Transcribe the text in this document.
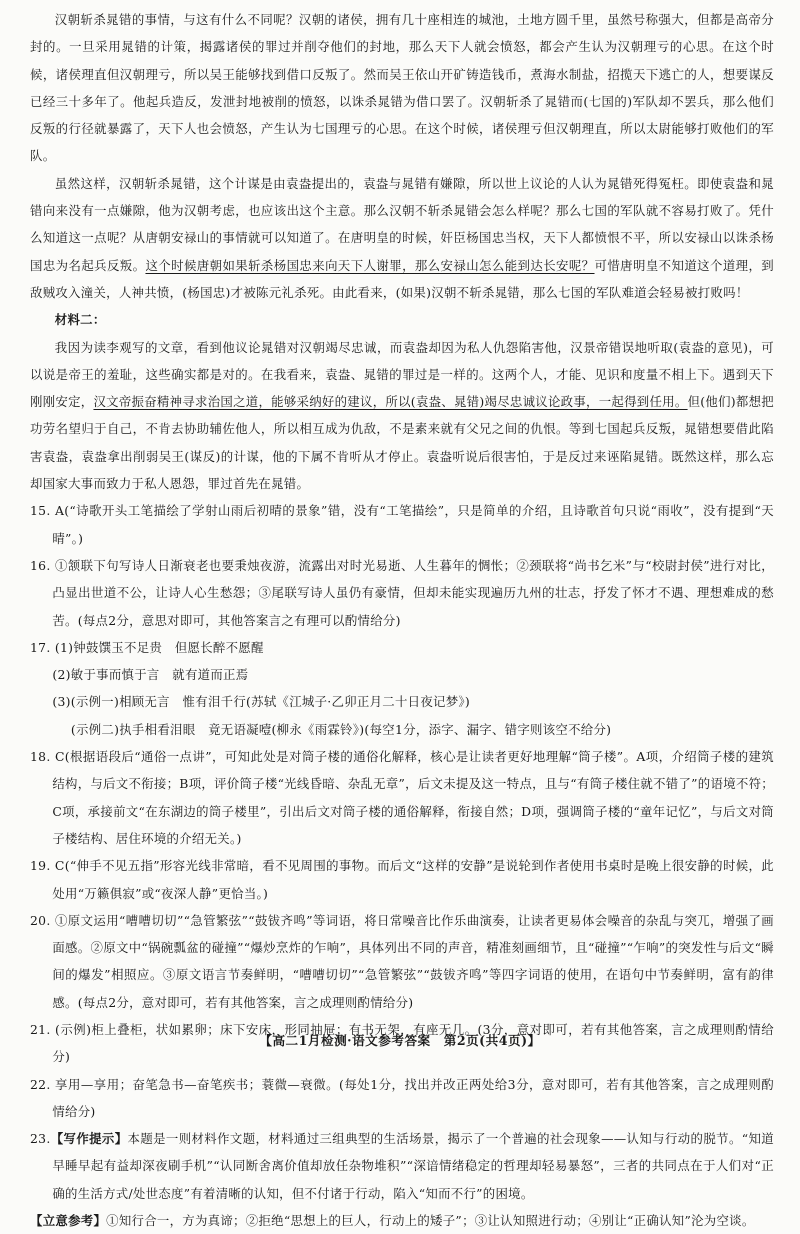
汉朝斩杀晁错的事情，与这有什么不同呢？汉朝的诸侯，拥有几十座相连的城池，土地方圆千里，虽然号称强大，但都是高帝分封的。一旦采用晁错的计策，揭露诸侯的罪过并削夺他们的封地，那么天下人就会愤怒，都会产生认为汉朝理亏的心思。在这个时候，诸侯理直但汉朝理亏，所以吴王能够找到借口反叛了。然而吴王依山开矿铸造钱币，煮海水制盐，招揽天下逃亡的人，想要谋反已经三十多年了。他起兵造反，发泄封地被削的愤怒，以诛杀晁错为借口罢了。汉朝斩杀了晁错而(七国的)军队却不罢兵，那么他们反叛的行径就暴露了，天下人也会愤怒，产生认为七国理亏的心思。在这个时候，诸侯理亏但汉朝理直，所以太尉能够打败他们的军队。

虽然这样，汉朝斩杀晁错，这个计谋是由袁盎提出的，袁盎与晁错有嫌隙，所以世上议论的人认为晁错死得冤枉。即使袁盎和晁错向来没有一点嫌隙，他为汉朝考虑，也应该出这个主意。那么汉朝不斩杀晁错会怎么样呢？那么七国的军队就不容易打败了。凭什么知道这一点呢？从唐朝安禄山的事情就可以知道了。在唐明皇的时候，奸臣杨国忠当权，天下人都愤恨不平，所以安禄山以诛杀杨国忠为名起兵反叛。这个时候唐朝如果斩杀杨国忠来向天下人谢罪，那么安禄山怎么能到达长安呢？可惜唐明皇不知道这个道理，到敌贼攻入潼关，人神共愤，(杨国忠)才被陈元礼杀死。由此看来，(如果)汉朝不斩杀晁错，那么七国的军队难道会轻易被打败吗！

材料二：

我因为读李观写的文章，看到他议论晁错对汉朝竭尽忠诚，而袁盎却因为私人仇怨陷害他，汉景帝错误地听取(袁盎的意见)，可以说是帝王的羞耻，这些确实都是对的。在我看来，袁盎、晁错的罪过是一样的。这两个人，才能、见识和度量不相上下。遇到天下刚刚安定，汉文帝振奋精神寻求治国之道，能够采纳好的建议，所以(袁盎、晁错)竭尽忠诚议论政事，一起得到任用。但(他们)都想把功劳名望归于自己，不肯去协助辅佐他人，所以相互成为仇敌，不是素来就有父兄之间的仇恨。等到七国起兵反叛，晁错想要借此陷害袁盎，袁盎拿出削弱吴王(谋反)的计谋，他的下属不肯听从才停止。袁盎听说后很害怕，于是反过来诬陷晁错。既然这样，那么忘却国家大事而致力于私人恩怨，罪过首先在晁错。

15. A(“诗歌开头工笔描绘了学射山雨后初晴的景象”错，没有“工笔描绘”，只是简单的介绍，且诗歌首句只说“雨收”，没有提到“天晴”。)

16. ①颔联下句写诗人日渐衰老也要秉烛夜游，流露出对时光易逝、人生暮年的惆怅；②颈联将“尚书乞米”与“校尉封侯”进行对比，凸显出世道不公，让诗人心生愁怨；③尾联写诗人虽仍有豪情，但却未能实现遍历九州的壮志，抒发了怀才不遇、理想难成的愁苦。(每点2分，意思对即可，其他答案言之有理可以酌情给分)

17. (1)钟鼓馔玉不足贵　但愿长醉不愿醒

(2)敏于事而慎于言　就有道而正焉

(3)(示例一)相顾无言　惟有泪千行(苏轼《江城子·乙卯正月二十日夜记梦》)

(示例二)执手相看泪眼　竟无语凝噎(柳永《雨霖铃》)(每空1分，添字、漏字、错字则该空不给分)

18. C(根据语段后“通俗一点讲”，可知此处是对筒子楼的通俗化解释，核心是让读者更好地理解“筒子楼”。A项，介绍筒子楼的建筑结构，与后文不衔接；B项，评价筒子楼“光线昏暗、杂乱无章”，后文未提及这一特点，且与“有筒子楼住就不错了”的语境不符；C项，承接前文“在东湖边的筒子楼里”，引出后文对筒子楼的通俗解释，衔接自然；D项，强调筒子楼的“童年记忆”，与后文对筒子楼结构、居住环境的介绍无关。)

19. C(“伸手不见五指”形容光线非常暗，看不见周围的事物。而后文“这样的安静”是说轮到作者使用书桌时是晚上很安静的时候，此处用“万籁俱寂”或“夜深人静”更恰当。)

20. ①原文运用“嘈嘈切切”“急管繁弦”“鼓钹齐鸣”等词语，将日常噪音比作乐曲演奏，让读者更易体会噪音的杂乱与突兀，增强了画面感。②原文中“锅碗瓢盆的碰撞”“爆炒烹炸的乍响”，具体列出不同的声音，精准刻画细节，且“碰撞”“乍响”的突发性与后文“瞬间的爆发”相照应。③原文语言节奏鲜明，“嘈嘈切切”“急管繁弦”“鼓钹齐鸣”等四字词语的使用，在语句中节奏鲜明，富有韵律感。(每点2分，意对即可，若有其他答案，言之成理则酌情给分)

21. (示例)柜上叠柜，状如累卵；床下安床，形同抽屉；有书无架，有座无几。(3分，意对即可，若有其他答案，言之成理则酌情给分)

22. 享用—享用；奋笔急书—奋笔疾书；蓑微—衰微。(每处1分，找出并改正两处给3分，意对即可，若有其他答案，言之成理则酌情给分)

23.【写作提示】本题是一则材料作文题，材料通过三组典型的生活场景，揭示了一个普遍的社会现象——认知与行动的脱节。“知道早睡早起有益却深夜刷手机”“认同断舍离价值却放任杂物堆积”“深谙情绪稳定的哲理却轻易暴怒”，三者的共同点在于人们对“正确的生活方式/处世态度”有着清晰的认知，但不付诸于行动，陷入“知而不行”的困境。

【立意参考】①知行合一，方为真谛；②拒绝“思想上的巨人，行动上的矮子”；③让认知照进行动；④别让“正确认知”沦为空谈。

【高二1月检测·语文参考答案　第2页(共4页)】
